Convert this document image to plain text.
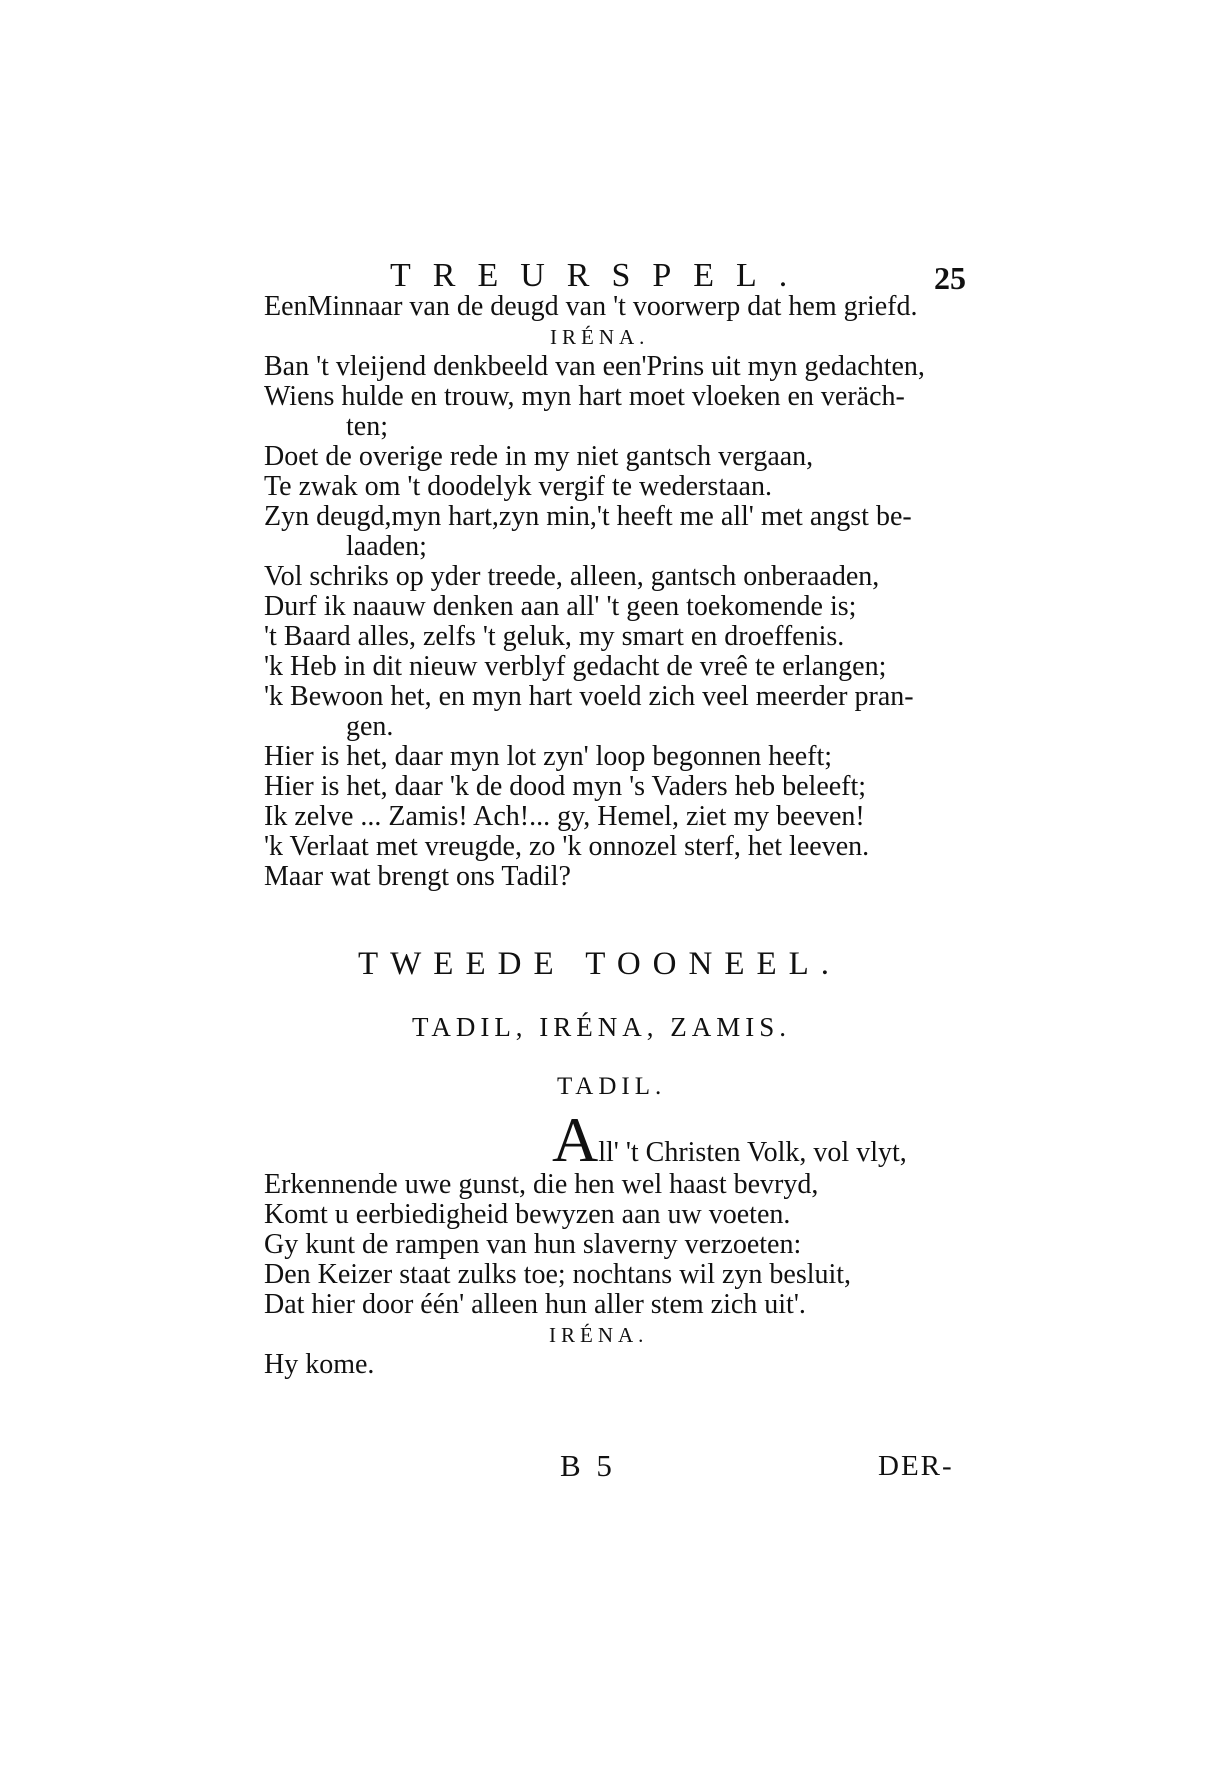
TREURSPEL.	25
EenMinnaar van de deugd van 't voorwerp dat hem griefd.
IRÉNA.
Ban 't vleijend denkbeeld van een'Prins uit myn gedachten,
Wiens hulde en trouw, myn hart moet vloeken en veräch-
ten;
Doet de overige rede in my niet gantsch vergaan,
Te zwak om 't doodelyk vergif te wederstaan.
Zyn deugd,myn hart,zyn min,'t heeft me all' met angst be-
laaden;
Vol schriks op yder treede, alleen, gantsch onberaaden,
Durf ik naauw denken aan all' 't geen toekomende is;
't Baard alles, zelfs 't geluk, my smart en droeffenis.
'k Heb in dit nieuw verblyf gedacht de vreê te erlangen;
'k Bewoon het, en myn hart voeld zich veel meerder pran-
gen.
Hier is het, daar myn lot zyn' loop begonnen heeft;
Hier is het, daar 'k de dood myn 's Vaders heb beleeft;
Ik zelve ... Zamis! Ach!... gy, Hemel, ziet my beeven!
'k Verlaat met vreugde, zo 'k onnozel sterf, het leeven.
Maar wat brengt ons Tadil?
TWEEDE TOONEEL.
TADIL, IRÉNA, ZAMIS.
TADIL.
All' 't Christen Volk, vol vlyt,
Erkennende uwe gunst, die hen wel haast bevryd,
Komt u eerbiedigheid bewyzen aan uw voeten.
Gy kunt de rampen van hun slaverny verzoeten:
Den Keizer staat zulks toe; nochtans wil zyn besluit,
Dat hier door één' alleen hun aller stem zich uit'.
IRÉNA.
Hy kome.
B 5	DER-
